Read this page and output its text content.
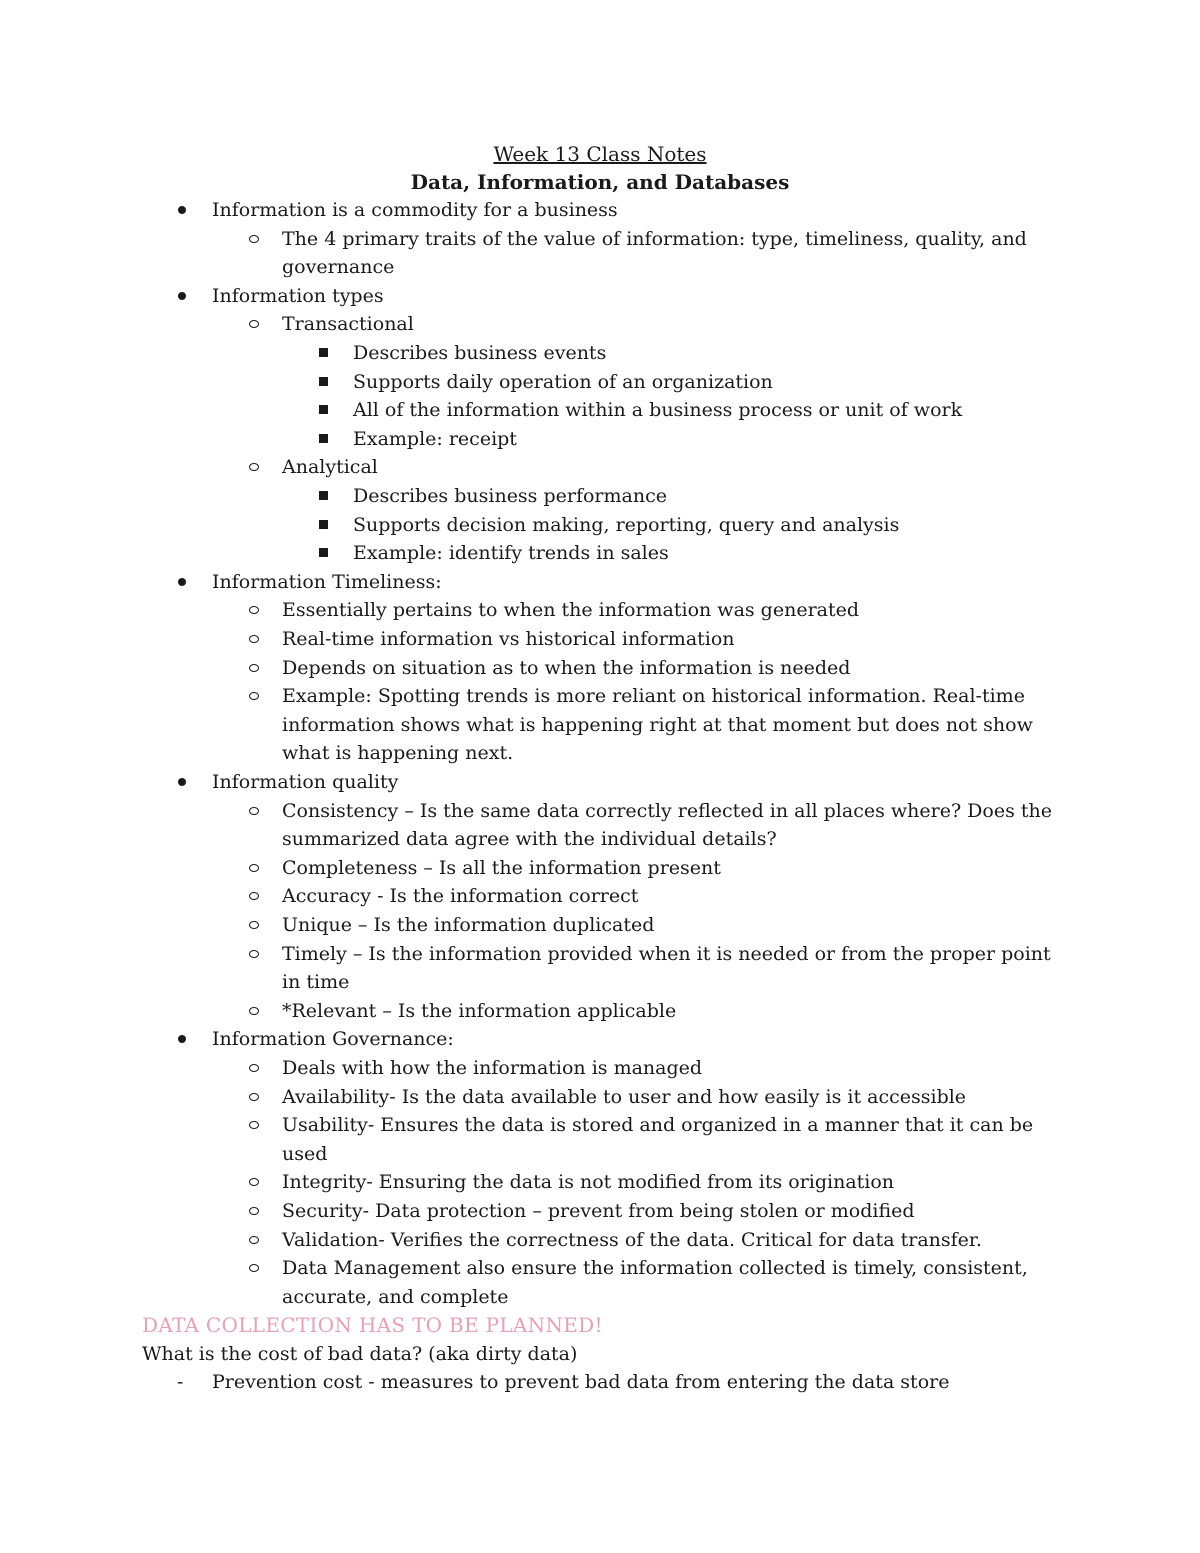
Week 13 Class Notes
Data, Information, and Databases
Information is a commodity for a business
The 4 primary traits of the value of information: type, timeliness, quality, and
governance
Information types
Transactional
Describes business events
Supports daily operation of an organization
All of the information within a business process or unit of work
Example: receipt
Analytical
Describes business performance
Supports decision making, reporting, query and analysis
Example: identify trends in sales
Information Timeliness:
Essentially pertains to when the information was generated
Real-time information vs historical information
Depends on situation as to when the information is needed
Example: Spotting trends is more reliant on historical information. Real-time
information shows what is happening right at that moment but does not show
what is happening next.
Information quality
Consistency – Is the same data correctly reflected in all places where? Does the
summarized data agree with the individual details?
Completeness – Is all the information present
Accuracy - Is the information correct
Unique – Is the information duplicated
Timely – Is the information provided when it is needed or from the proper point
in time
*Relevant – Is the information applicable
Information Governance:
Deals with how the information is managed
Availability- Is the data available to user and how easily is it accessible
Usability- Ensures the data is stored and organized in a manner that it can be
used
Integrity- Ensuring the data is not modified from its origination
Security- Data protection – prevent from being stolen or modified
Validation- Verifies the correctness of the data. Critical for data transfer.
Data Management also ensure the information collected is timely, consistent,
accurate, and complete
DATA COLLECTION HAS TO BE PLANNED!
What is the cost of bad data? (aka dirty data)
- Prevention cost - measures to prevent bad data from entering the data store
